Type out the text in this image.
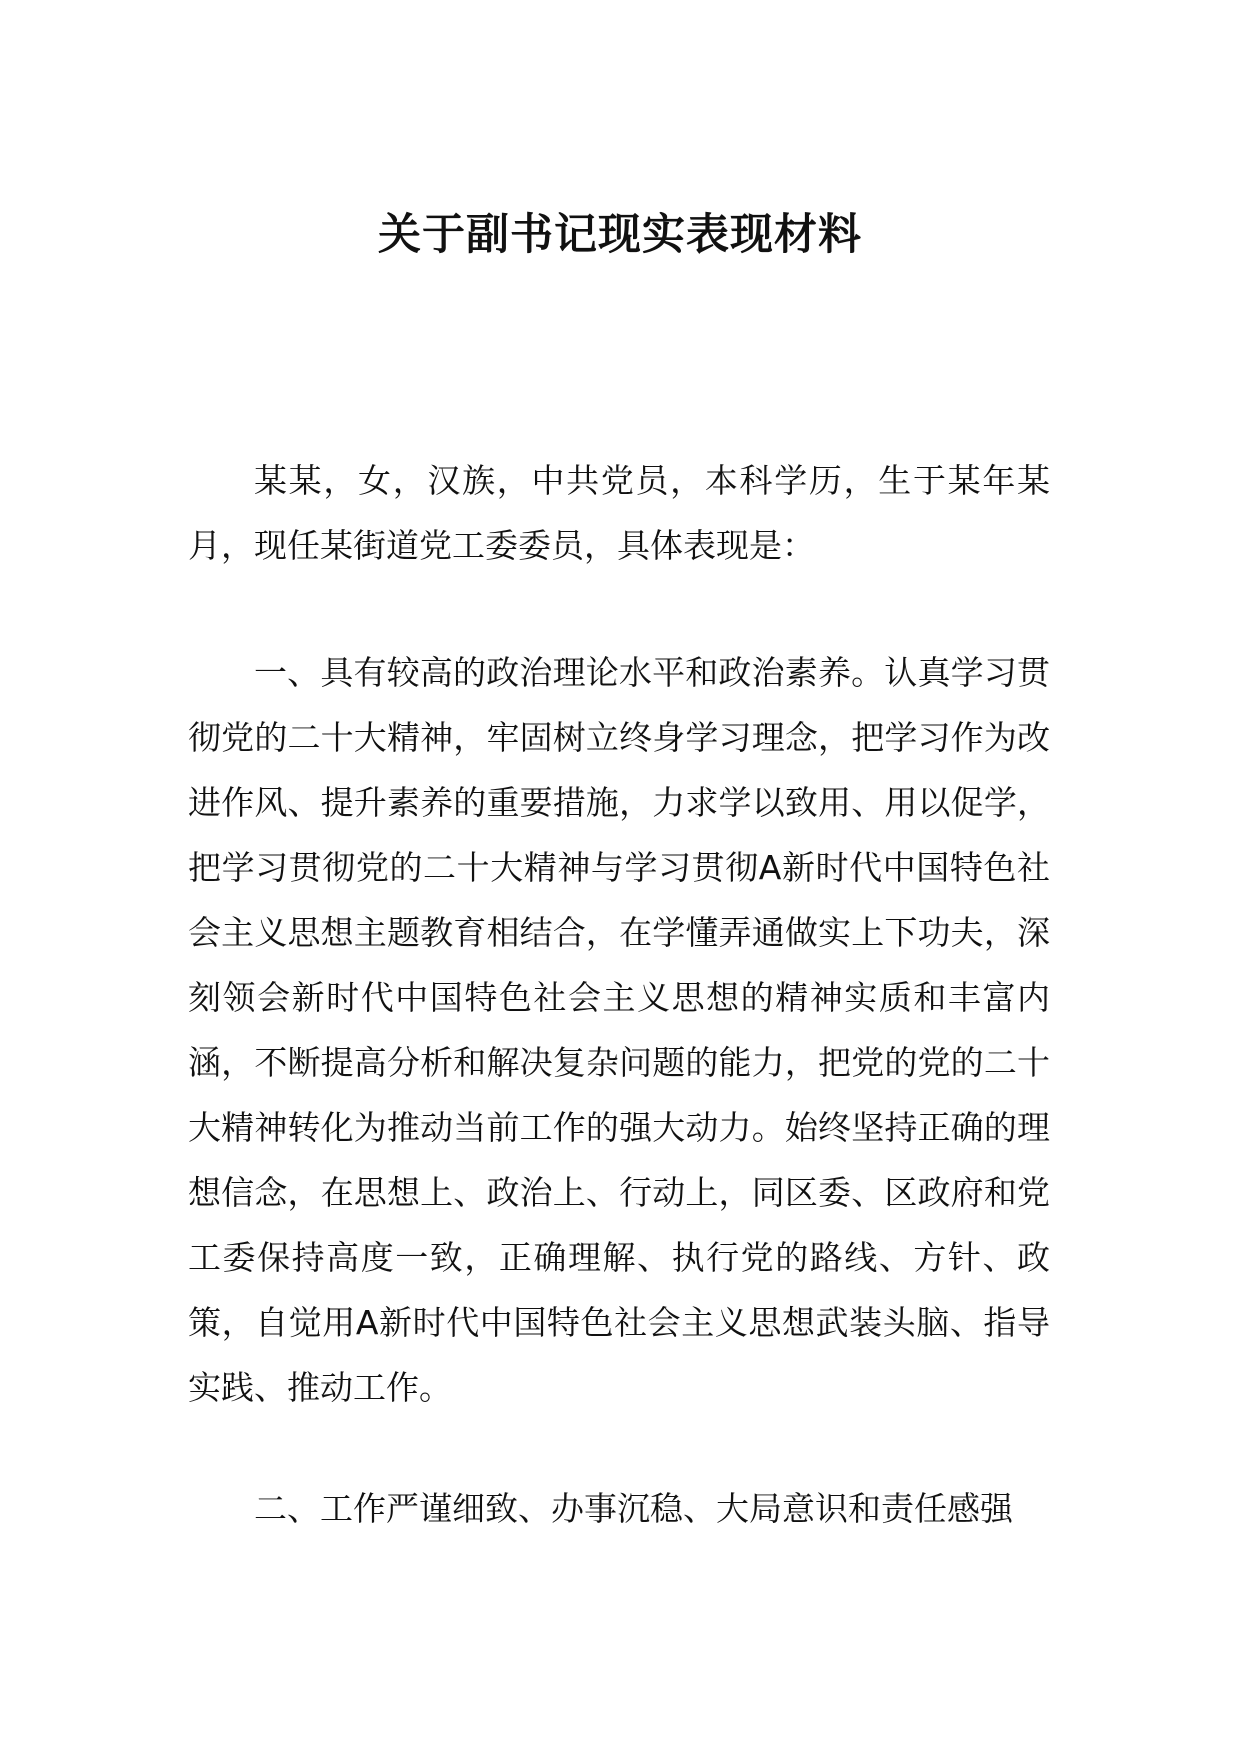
关于副书记现实表现材料

某某，女，汉族，中共党员，本科学历，生于某年某月，现任某街道党工委委员，具体表现是：

一、具有较高的政治理论水平和政治素养。认真学习贯彻党的二十大精神，牢固树立终身学习理念，把学习作为改进作风、提升素养的重要措施，力求学以致用、用以促学，把学习贯彻党的二十大精神与学习贯彻A新时代中国特色社会主义思想主题教育相结合，在学懂弄通做实上下功夫，深刻领会新时代中国特色社会主义思想的精神实质和丰富内涵，不断提高分析和解决复杂问题的能力，把党的党的二十大精神转化为推动当前工作的强大动力。始终坚持正确的理想信念，在思想上、政治上、行动上，同区委、区政府和党工委保持高度一致，正确理解、执行党的路线、方针、政策，自觉用A新时代中国特色社会主义思想武装头脑、指导实践、推动工作。

二、工作严谨细致、办事沉稳、大局意识和责任感强
